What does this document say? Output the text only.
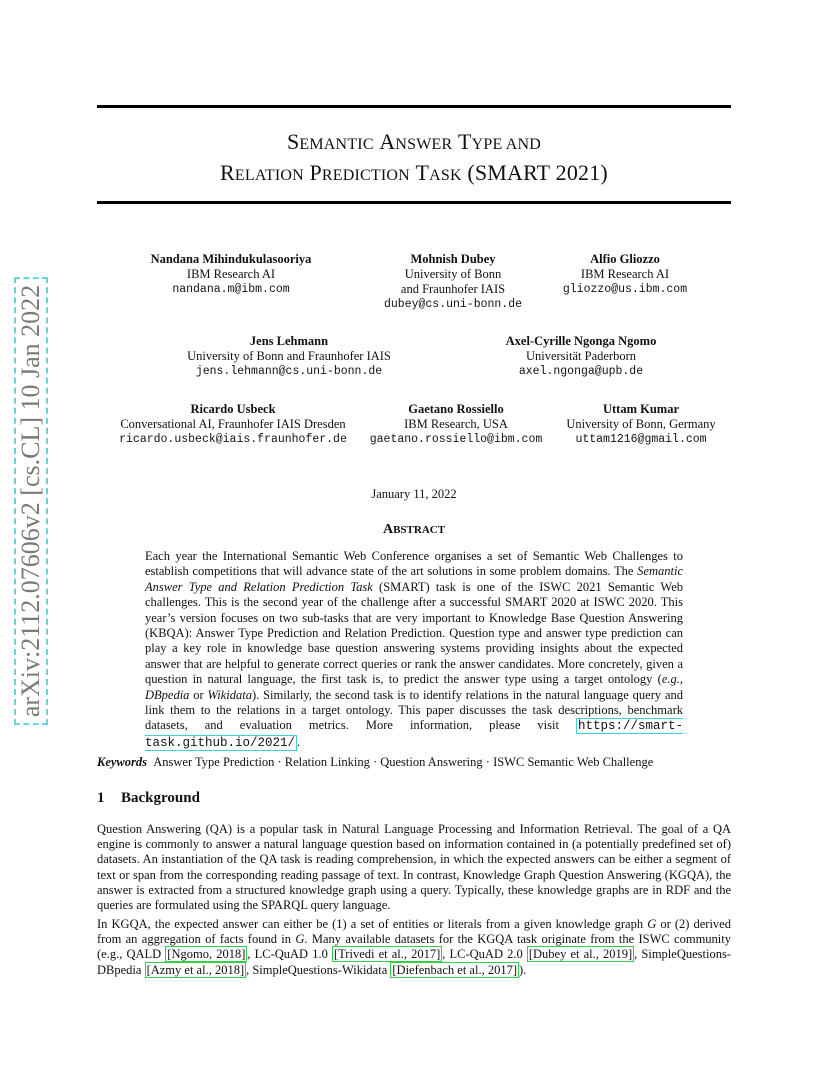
arXiv:2112.07606v2 [cs.CL] 10 Jan 2022
SEMANTIC ANSWER TYPE AND
RELATION PREDICTION TASK (SMART 2021)
Nandana Mihindukulasooriya
IBM Research AI
nandana.m@ibm.com
Mohnish Dubey
University of Bonn
and Fraunhofer IAIS
dubey@cs.uni-bonn.de
Alfio Gliozzo
IBM Research AI
gliozzo@us.ibm.com
Jens Lehmann
University of Bonn and Fraunhofer IAIS
jens.lehmann@cs.uni-bonn.de
Axel-Cyrille Ngonga Ngomo
Universität Paderborn
axel.ngonga@upb.de
Ricardo Usbeck
Conversational AI, Fraunhofer IAIS Dresden
ricardo.usbeck@iais.fraunhofer.de
Gaetano Rossiello
IBM Research, USA
gaetano.rossiello@ibm.com
Uttam Kumar
University of Bonn, Germany
uttam1216@gmail.com
January 11, 2022
ABSTRACT
Each year the International Semantic Web Conference organises a set of Semantic Web Challenges to establish competitions that will advance state of the art solutions in some problem domains. The Semantic Answer Type and Relation Prediction Task (SMART) task is one of the ISWC 2021 Semantic Web challenges. This is the second year of the challenge after a successful SMART 2020 at ISWC 2020. This year’s version focuses on two sub-tasks that are very important to Knowledge Base Question Answering (KBQA): Answer Type Prediction and Relation Prediction. Question type and answer type prediction can play a key role in knowledge base question answering systems providing insights about the expected answer that are helpful to generate correct queries or rank the answer candidates. More concretely, given a question in natural language, the first task is, to predict the answer type using a target ontology (e.g., DBpedia or Wikidata). Similarly, the second task is to identify relations in the natural language query and link them to the relations in a target ontology. This paper discusses the task descriptions, benchmark datasets, and evaluation metrics. More information, please visit https://smart-task.github.io/2021/ .
Keywords Answer Type Prediction · Relation Linking · Question Answering · ISWC Semantic Web Challenge
1 Background
Question Answering (QA) is a popular task in Natural Language Processing and Information Retrieval. The goal of a QA engine is commonly to answer a natural language question based on information contained in (a potentially predefined set of) datasets. An instantiation of the QA task is reading comprehension, in which the expected answers can be either a segment of text or span from the corresponding reading passage of text. In contrast, Knowledge Graph Question Answering (KGQA), the answer is extracted from a structured knowledge graph using a query. Typically, these knowledge graphs are in RDF and the queries are formulated using the SPARQL query language.
In KGQA, the expected answer can either be (1) a set of entities or literals from a given knowledge graph G or (2) derived from an aggregation of facts found in G. Many available datasets for the KGQA task originate from the ISWC community (e.g., QALD [Ngomo, 2018] , LC-QuAD 1.0 [Trivedi et al., 2017] , LC-QuAD 2.0 [Dubey et al., 2019] , SimpleQuestions-DBpedia [Azmy et al., 2018] , SimpleQuestions-Wikidata [Diefenbach et al., 2017] ).
